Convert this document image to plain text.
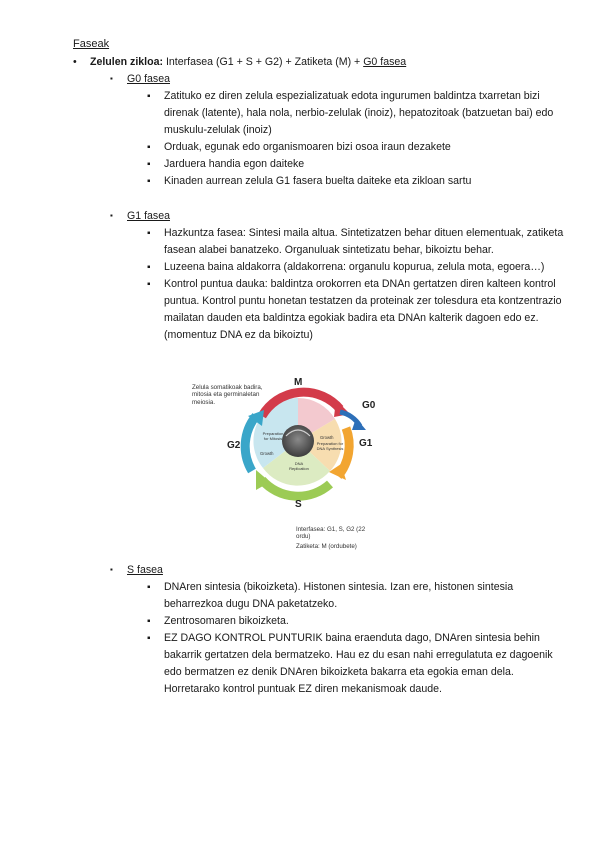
Faseak
• Zelulen zikloa: Interfasea (G1 + S + G2) + Zatiketa (M) + G0 fasea
▪ G0 fasea
▪ Zatituko ez diren zelula espezializatuak edota ingurumen baldintza txarretan bizi direnak (latente), hala nola, nerbio-zelulak (inoiz), hepatozitoak (batzuetan bai) edo muskulu-zelulak (inoiz)
▪ Orduak, egunak edo organismoaren bizi osoa iraun dezakete
▪ Jarduera handia egon daiteke
▪ Kinaden aurrean zelula G1 fasera buelta daiteke eta zikloan sartu
▪ G1 fasea
▪ Hazkuntza fasea: Sintesi maila altua. Sintetizatzen behar dituen elementuak, zatiketa fasean alabei banatzeko. Organuluak sintetizatu behar, bikoiztu behar.
▪ Luzeena baina aldakorra (aldakorrena: organulu kopurua, zelula mota, egoera…)
▪ Kontrol puntua dauka: baldintza orokorren eta DNAn gertatzen diren kalteen kontrol puntua. Kontrol puntu honetan testatzen da proteinak zer tolesdura eta kontzentrazio mailatan dauden eta baldintza egokiak badira eta DNAn kalterik dagoen edo ez. (momentuz DNA ez da bikoiztu)
Zelula somatikoak badira, mitosia eta germinaletan meiosia.
M
G0
G1
G2
S
Preparation for Mitosis
Growth
Growth
Preparation for DNA Synthesis
DNA Replication
Interfasea: G1, S, G2 (22 ordu)
Zatiketa: M (ordubete)
▪ S fasea
▪ DNAren sintesia (bikoizketa). Histonen sintesia. Izan ere, histonen sintesia beharrezkoa dugu DNA paketatzeko.
▪ Zentrosomaren bikoizketa.
▪ EZ DAGO KONTROL PUNTURIK baina eraenduta dago, DNAren sintesia behin bakarrik gertatzen dela bermatzeko. Hau ez du esan nahi erregulatuta ez dagoenik edo bermatzen ez denik DNAren bikoizketa bakarra eta egokia eman dela. Horretarako kontrol puntuak EZ diren mekanismoak daude.
